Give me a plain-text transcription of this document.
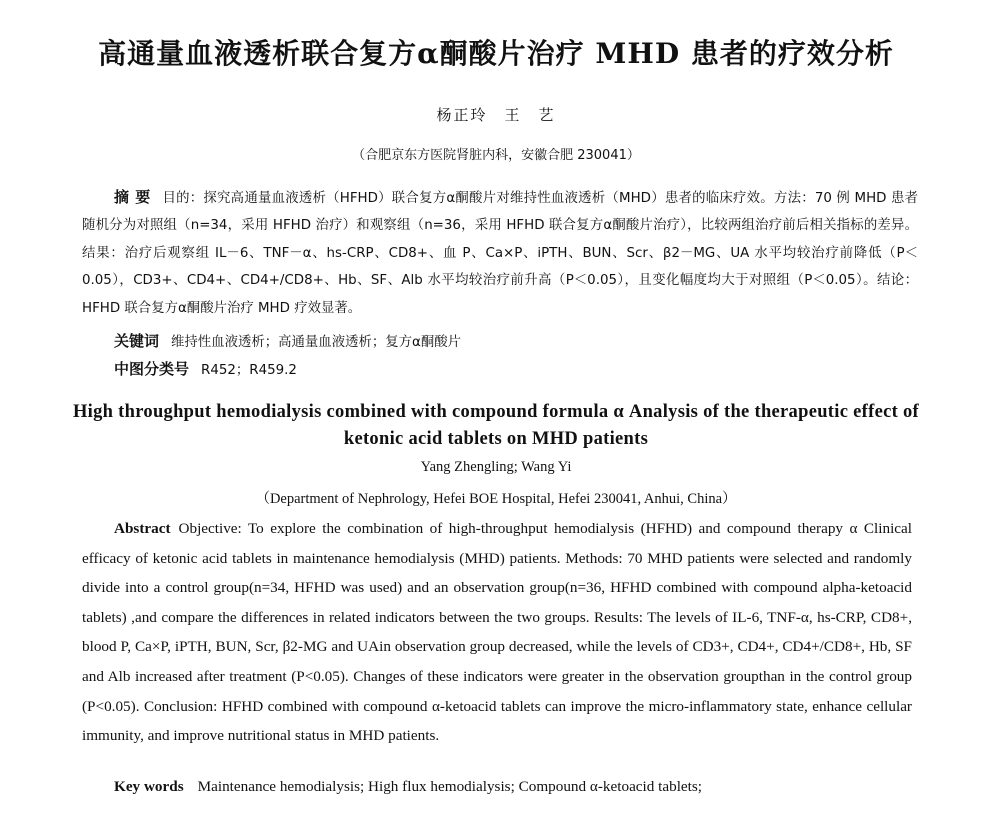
高通量血液透析联合复方α酮酸片治疗 MHD 患者的疗效分析
杨正玲　王　艺
（合肥京东方医院肾脏内科，安徽合肥 230041）
摘要 目的：探究高通量血液透析（HFHD）联合复方α酮酸片对维持性血液透析（MHD）患者的临床疗效。方法：70 例 MHD 患者随机分为对照组（n=34，采用 HFHD 治疗）和观察组（n=36，采用 HFHD 联合复方α酮酸片治疗），比较两组治疗前后相关指标的差异。结果：治疗后观察组 IL－6、TNF－α、hs-CRP、CD8+、血 P、Ca×P、iPTH、BUN、Scr、β2－MG、UA 水平均较治疗前降低（P＜0.05），CD3+、CD4+、CD4+/CD8+、Hb、SF、Alb 水平均较治疗前升高（P＜0.05），且变化幅度均大于对照组（P＜0.05）。结论：HFHD 联合复方α酮酸片治疗 MHD 疗效显著。
关键词 维持性血液透析；高通量血液透析；复方α酮酸片
中图分类号 R452；R459.2
High throughput hemodialysis combined with compound formula α Analysis of the therapeutic effect of ketonic acid tablets on MHD patients
Yang Zhengling; Wang Yi
（Department of Nephrology, Hefei BOE Hospital, Hefei 230041, Anhui, China）
Abstract Objective: To explore the combination of high-throughput hemodialysis (HFHD) and compound therapy α Clinical efficacy of ketonic acid tablets in maintenance hemodialysis (MHD) patients. Methods: 70 MHD patients were selected and randomly divide into a control group(n=34, HFHD was used) and an observation group(n=36, HFHD combined with compound alpha-ketoacid tablets) ,and compare the differences in related indicators between the two groups. Results: The levels of IL-6, TNF-α, hs-CRP, CD8+, blood P, Ca×P, iPTH, BUN, Scr, β2-MG and UAin observation group decreased, while the levels of CD3+, CD4+, CD4+/CD8+, Hb, SF and Alb increased after treatment (P<0.05). Changes of these indicators were greater in the observation groupthan in the control group (P<0.05). Conclusion: HFHD combined with compound α-ketoacid tablets can improve the micro-inflammatory state, enhance cellular immunity, and improve nutritional status in MHD patients.
Key words Maintenance hemodialysis; High flux hemodialysis; Compound α-ketoacid tablets;
